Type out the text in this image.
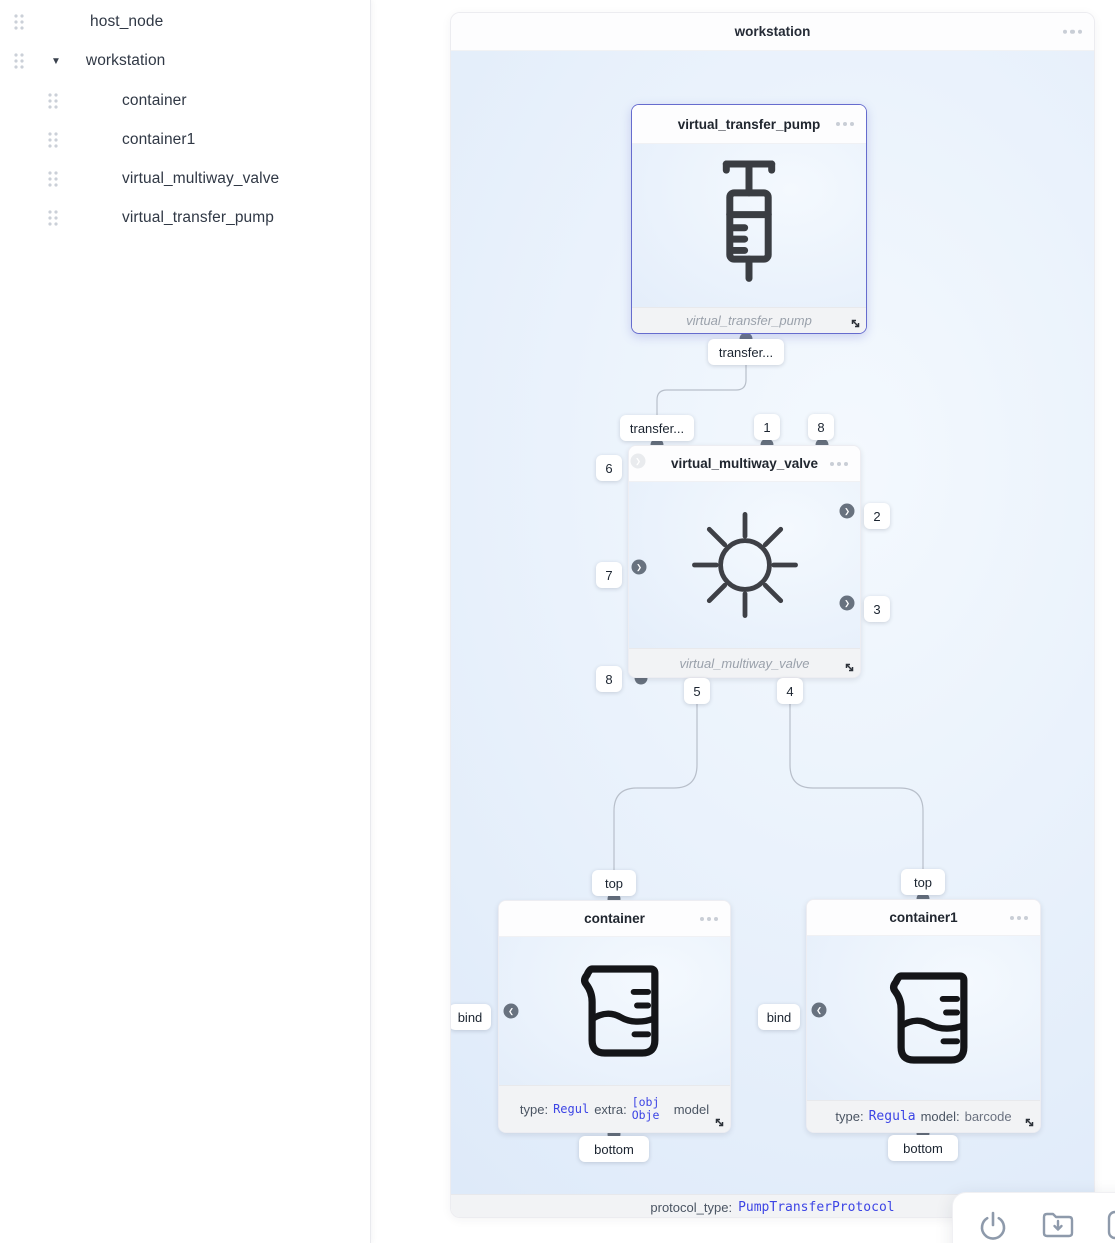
host_node
▼ workstation
container
container1
virtual_multiway_valve
virtual_transfer_pump
workstation
virtual_transfer_pump
virtual_transfer_pump
virtual_multiway_valve
virtual_multiway_valve
❯
❯
❯
❯
container
type: Regul extra: [obj Obje	model
❮
container1
type: Regula model: barcode
❮
transfer...
transfer...	1	8
6
7
8
2
3
5	4
top
bottom
bind
top
bottom
bind
protocol_type: PumpTransferProtocol
